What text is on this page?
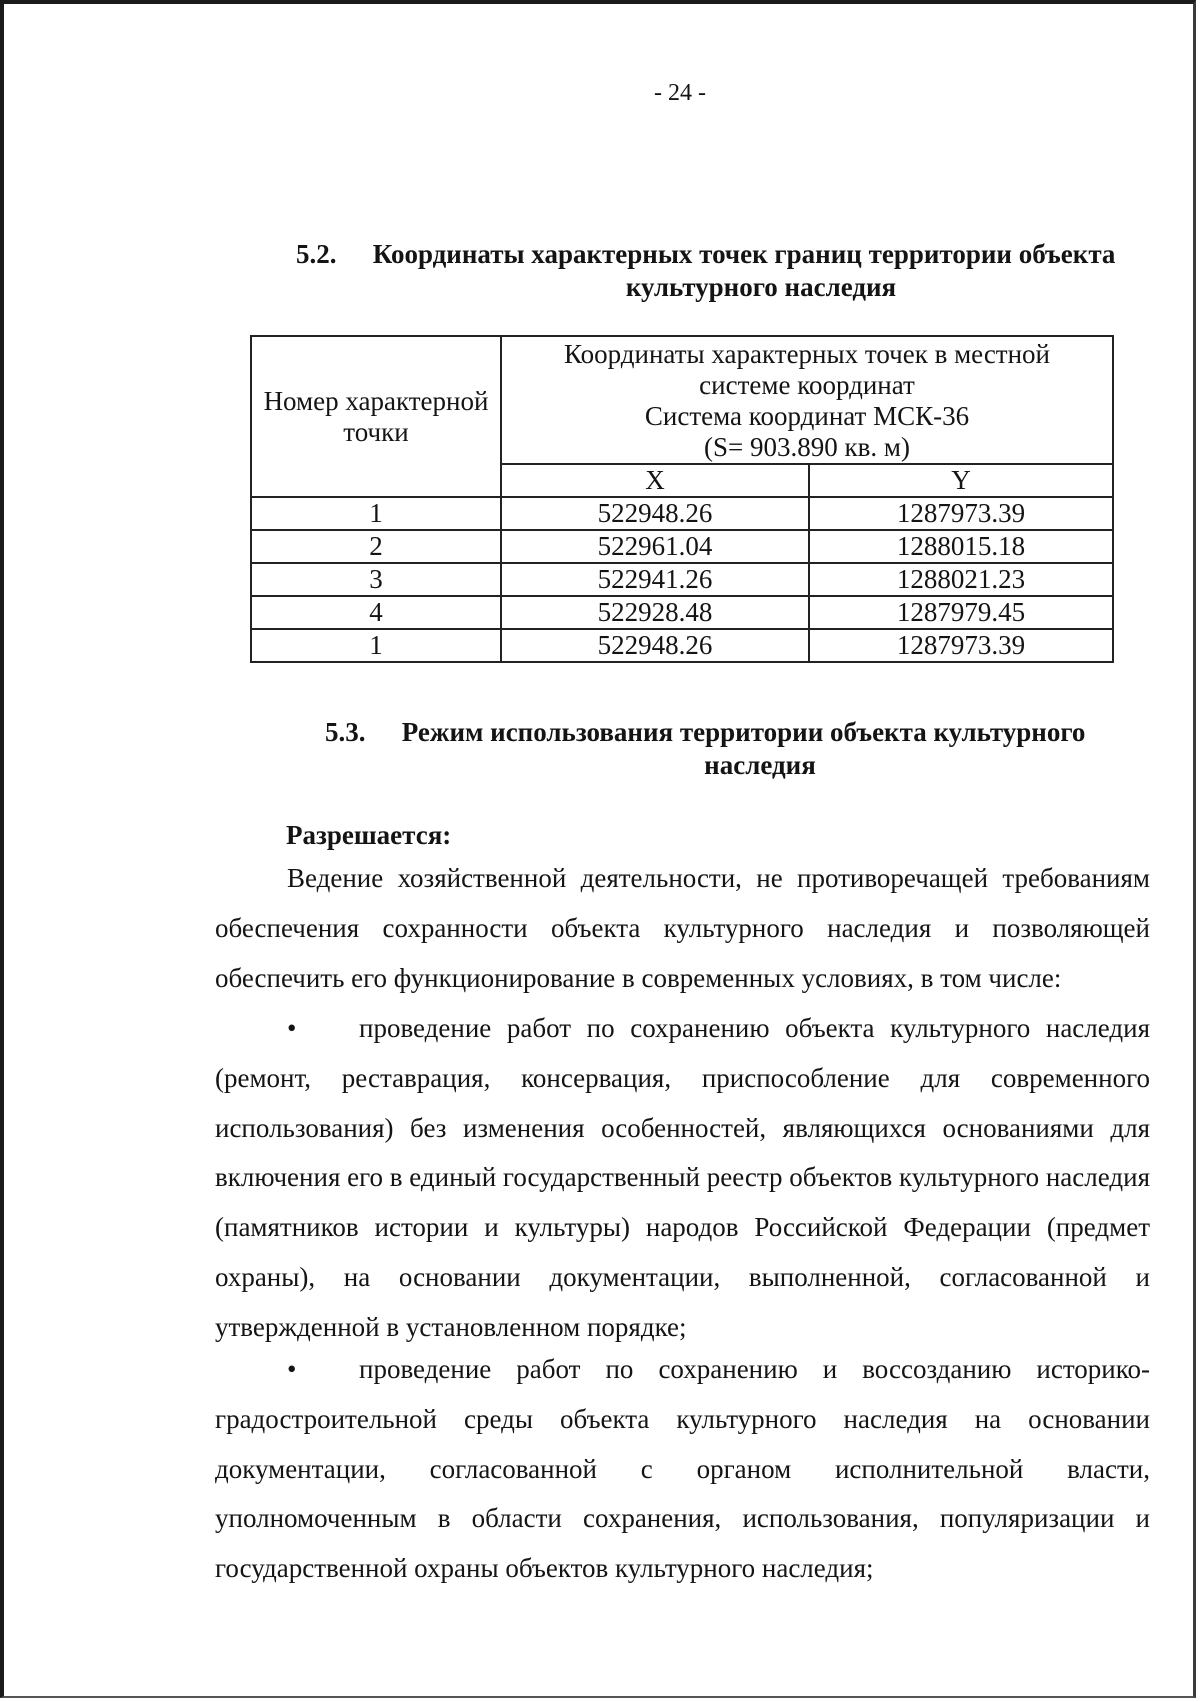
- 24 -
5.2. Координаты характерных точек границ территории объекта
культурного наследия
Номер характерной точки	Координаты характерных точек в местной
системе координат
Система координат МСК-36
(S= 903.890 кв. м)	

	X	Y
1	522948.26	1287973.39
2	522961.04	1288015.18
3	522941.26	1288021.23
4	522928.48	1287979.45
1	522948.26	1287973.39
5.3. Режим использования территории объекта культурного
наследия
Разрешается:

Ведение хозяйственной деятельности, не противоречащей требованиям обеспечения сохранности объекта культурного наследия и позволяющей обеспечить его функционирование в современных условиях, в том числе:

• проведение работ по сохранению объекта культурного наследия (ремонт, реставрация, консервация, приспособление для современного использования) без изменения особенностей, являющихся основаниями для включения его в единый государственный реестр объектов культурного наследия (памятников истории и культуры) народов Российской Федерации (предмет охраны), на основании документации, выполненной, согласованной и утвержденной в установленном порядке;

• проведение работ по сохранению и воссозданию историко-градостроительной среды объекта культурного наследия на основании документации, согласованной с органом исполнительной власти, уполномоченным в области сохранения, использования, популяризации и государственной охраны объектов культурного наследия;
